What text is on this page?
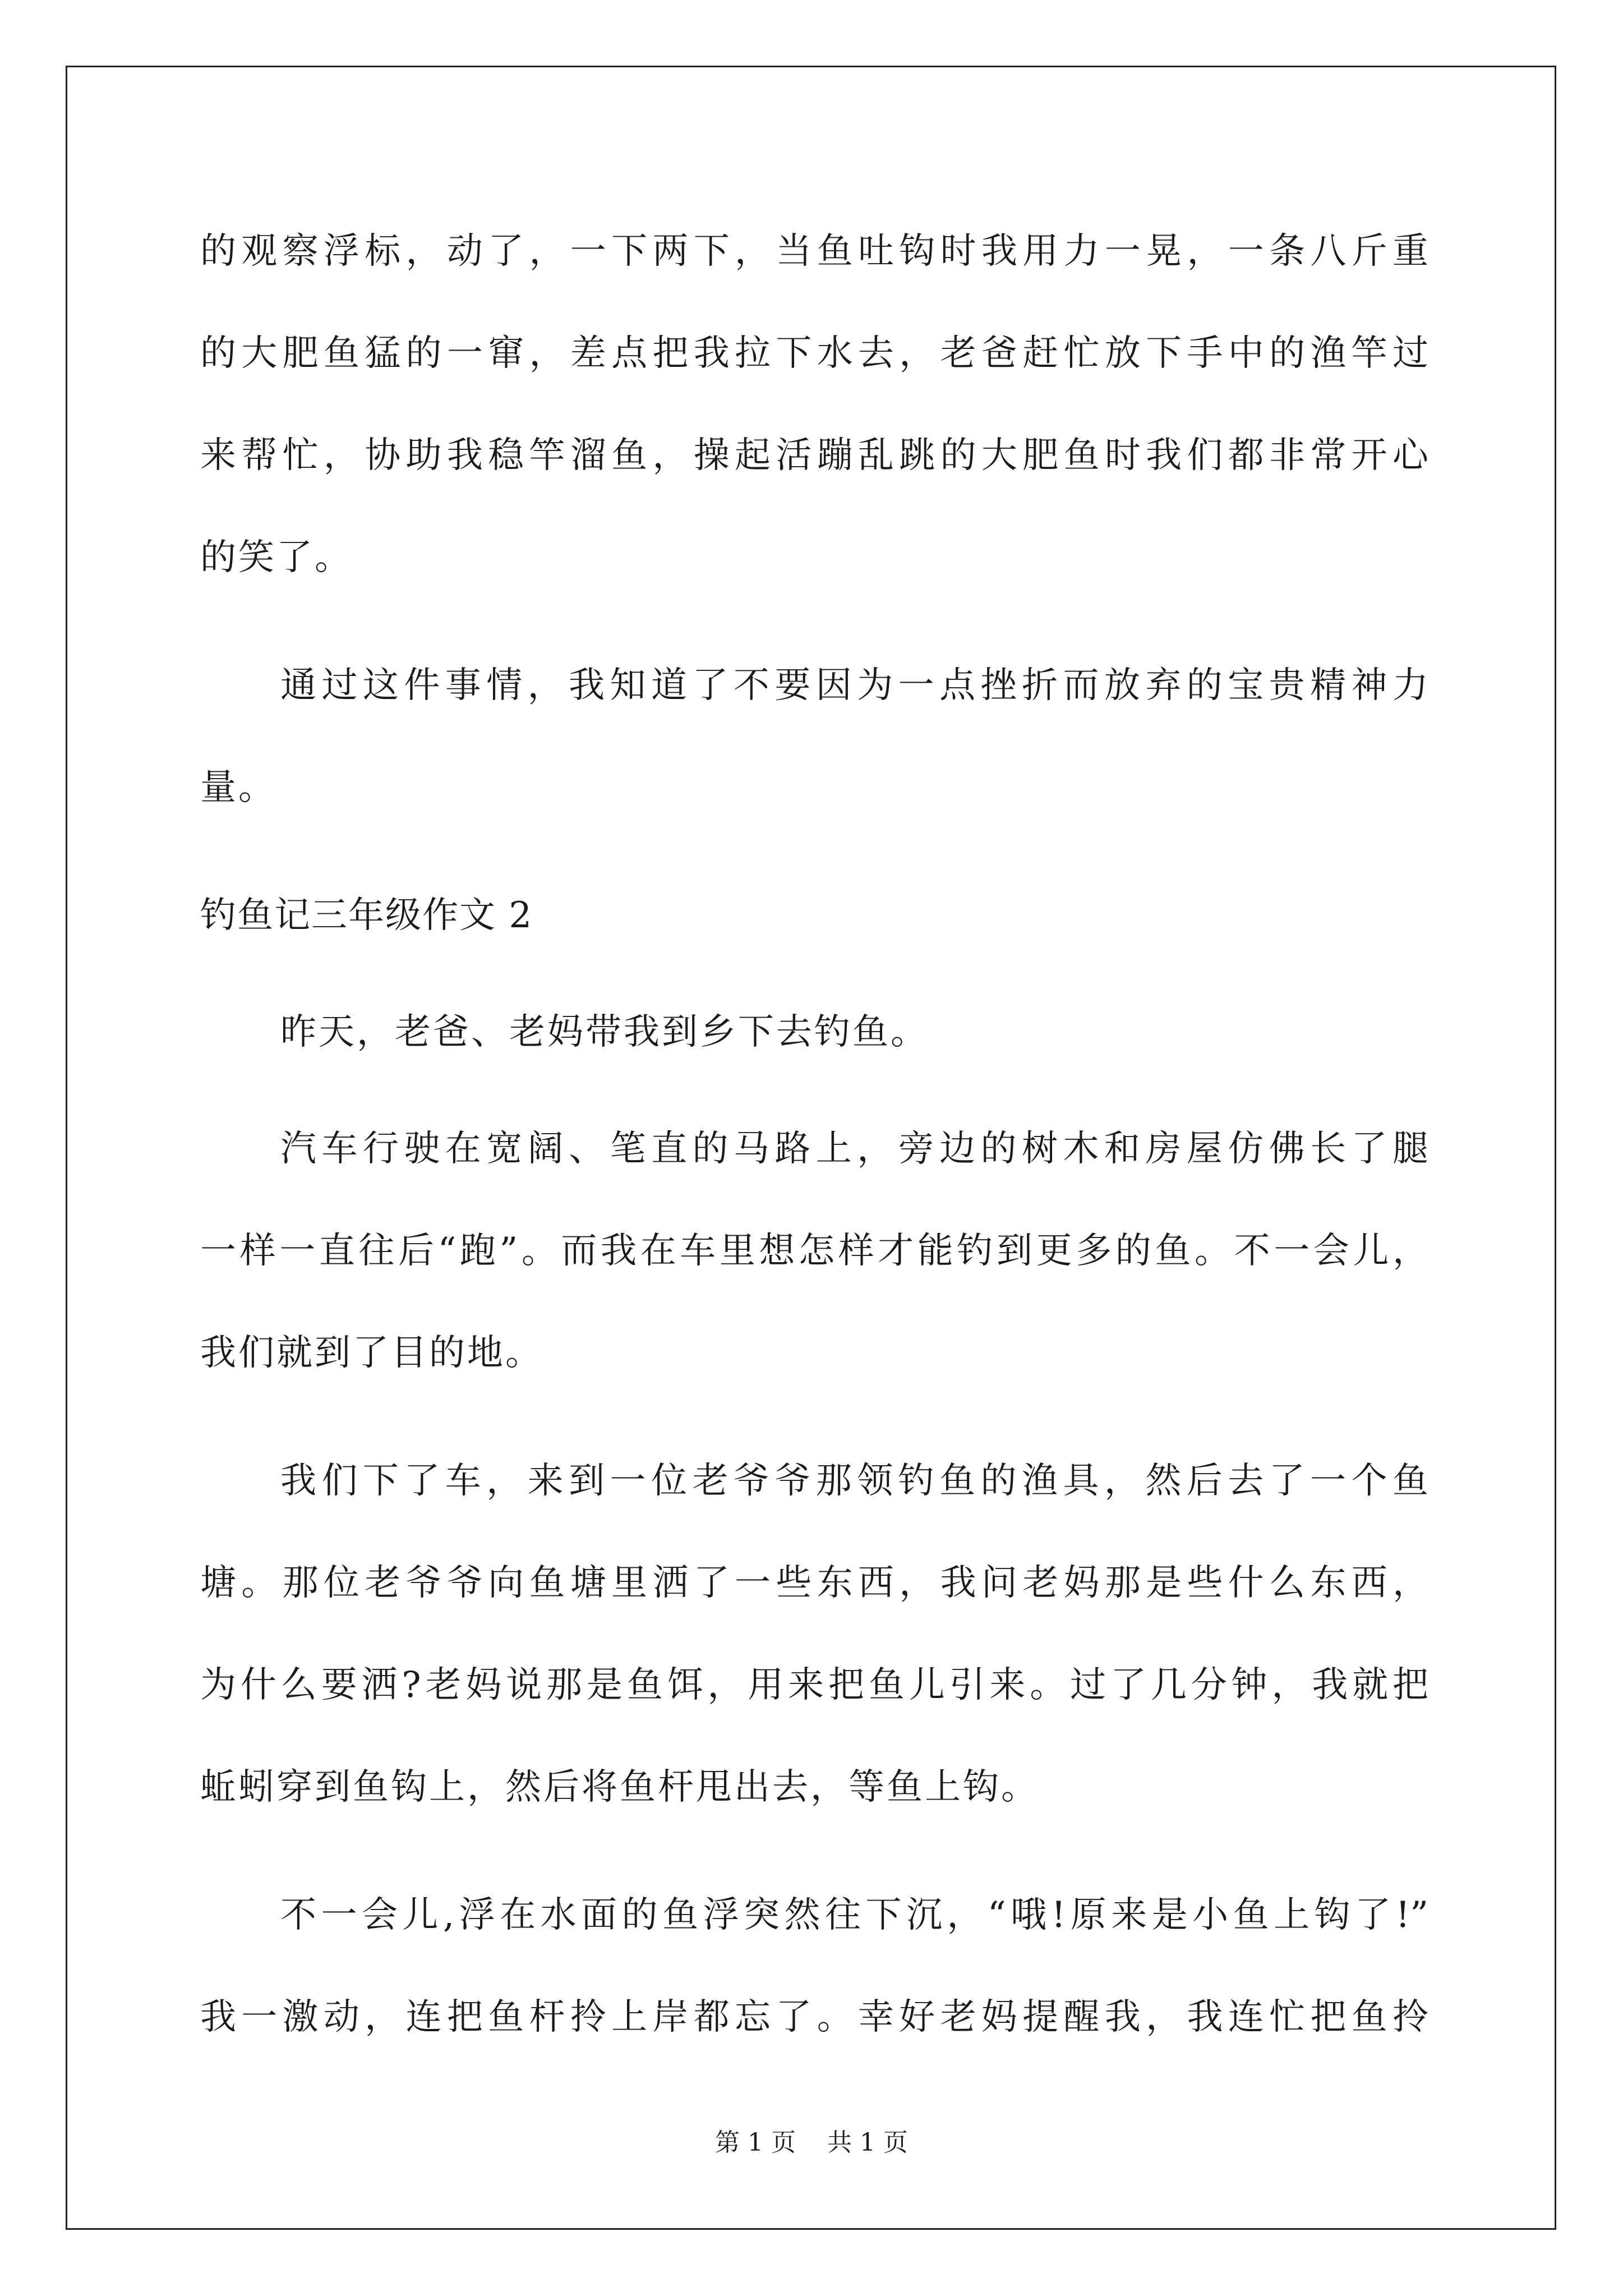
的观察浮标，动了，一下两下，当鱼吐钩时我用力一晃，一条八斤重
的大肥鱼猛的一窜，差点把我拉下水去，老爸赶忙放下手中的渔竿过
来帮忙，协助我稳竿溜鱼，操起活蹦乱跳的大肥鱼时我们都非常开心
的笑了。
通过这件事情，我知道了不要因为一点挫折而放弃的宝贵精神力
量。
钓鱼记三年级作文 2
昨天，老爸、老妈带我到乡下去钓鱼。
汽车行驶在宽阔、笔直的马路上，旁边的树木和房屋仿佛长了腿
一样一直往后“跑”。而我在车里想怎样才能钓到更多的鱼。不一会儿，
我们就到了目的地。
我们下了车，来到一位老爷爷那领钓鱼的渔具，然后去了一个鱼
塘。那位老爷爷向鱼塘里洒了一些东西，我问老妈那是些什么东西，
为什么要洒?老妈说那是鱼饵，用来把鱼儿引来。过了几分钟，我就把
蚯蚓穿到鱼钩上，然后将鱼杆甩出去，等鱼上钩。
不一会儿,浮在水面的鱼浮突然往下沉，“哦!原来是小鱼上钩了!”
我一激动，连把鱼杆拎上岸都忘了。幸好老妈提醒我，我连忙把鱼拎
第 1 页 共 1 页
